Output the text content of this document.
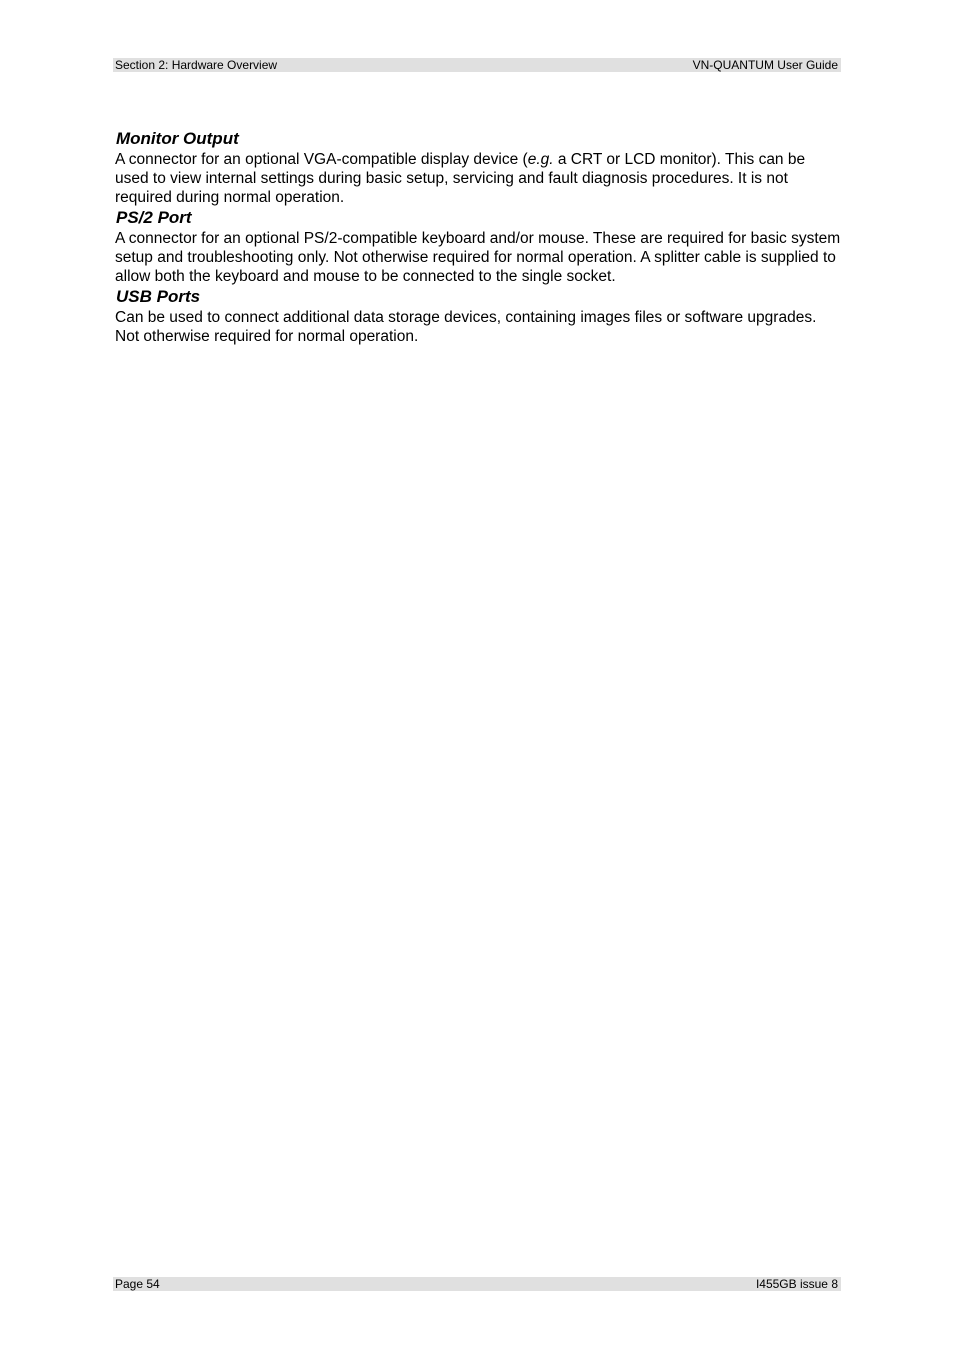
Section 2: Hardware Overview	VN-QUANTUM User Guide
Monitor Output

A connector for an optional VGA-compatible display device (e.g. a CRT or LCD monitor). This can be used to view internal settings during basic setup, servicing and fault diagnosis procedures. It is not required during normal operation.

PS/2 Port

A connector for an optional PS/2-compatible keyboard and/or mouse. These are required for basic system setup and troubleshooting only. Not otherwise required for normal operation. A splitter cable is supplied to allow both the keyboard and mouse to be connected to the single socket.

USB Ports

Can be used to connect additional data storage devices, containing images files or software upgrades. Not otherwise required for normal operation.

Page 54	I455GB issue 8
